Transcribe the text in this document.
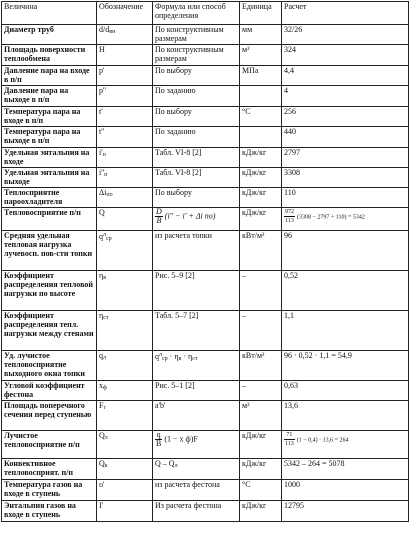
Величина	Обозначение	Формула или способ определения	Единица	Расчет
Диаметр труб	d/dвн	По конструктивным размерам	мм	32/26
Площадь поверхности теплообмена	H	По конструктивным размерам	м²	324
Давление пара на входе в п/п	p'	По выбору	МПа	4,4
Давление пара на выходе в п/п	p''	По заданию		4
Температура пара на входе в п/п	t'	По выбору	°С	256
Температура пара на выходе в п/п	t''	По заданию		440
Удельная энтальпия на входе	i'п	Табл. VI-8 [2]	кДж/кг	2797
Удельная энтальпия на выходе	i''п	Табл. VI-8 [2]	кДж/кг	3308
Теплосприятие пароохладителя	Δiпо	По выбору	кДж/кг	110
Тепловосприятие п/п	Q	$\frac{D}{B} (i'' - i' + \Delta i$ по)	кДж/кг	$\frac{972}{113} (3308 - 2797 + 110) = 5342$
Средняя удельная тепловая нагрузка лучевосп. пов-сти топки	$q^лср$	из расчета топки	кВт/м²	96
Коэффициент распределения тепловой нагрузки по высоте	ηв	Рис. 5–9 [2]	–	0,52
Коэффициент распределения тепл. нагрузки между стенами	ηст	Табл. 5–7 [2]	–	1,1
Уд. лучистое тепловосприятие выходного окна топки	qл	$q^лср \cdot \eta в \cdot \eta ст$	кВт/м²	96 · 0,52 · 1,1 = 54,9
Угловой коэффициент фестона	xф	Рис. 5–1 [2]	–	0,63
Площадь поперечного сечения перед ступенью	Fr	a'b'	м²	13,6
Лучистое тепловосприятие п/п	Qл	$\frac{q}{B} (1 - x$ ф)F	кДж/кг	$\frac{71}{113} (1 - 0,4) \cdot 13,6 = 264$
Конвективное тепловосприят. п/п	Qк	Q – Qл	кДж/кг	5342 – 264 = 5078
Температура газов на входе в ступень	υ'	из расчета фестона	°С	1000
Энтальпия газов на входе в ступень	I'	Из расчета фестона	кДж/кг	12795
